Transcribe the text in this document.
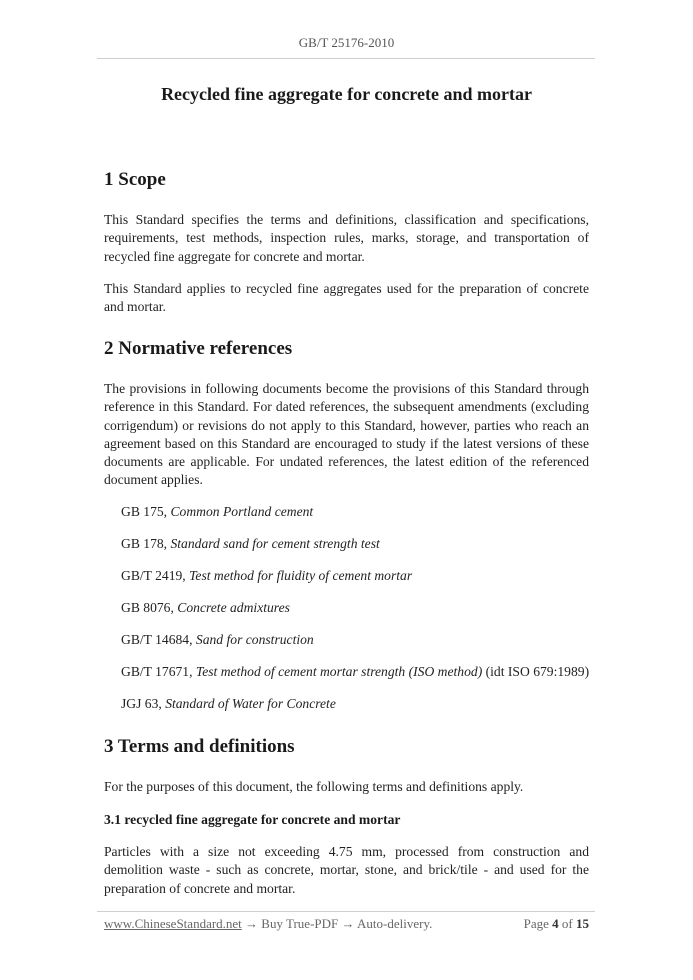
GB/T 25176-2010
Recycled fine aggregate for concrete and mortar
1 Scope
This Standard specifies the terms and definitions, classification and specifications, requirements, test methods, inspection rules, marks, storage, and transportation of recycled fine aggregate for concrete and mortar.
This Standard applies to recycled fine aggregates used for the preparation of concrete and mortar.
2 Normative references
The provisions in following documents become the provisions of this Standard through reference in this Standard. For dated references, the subsequent amendments (excluding corrigendum) or revisions do not apply to this Standard, however, parties who reach an agreement based on this Standard are encouraged to study if the latest versions of these documents are applicable. For undated references, the latest edition of the referenced document applies.
GB 175, Common Portland cement
GB 178, Standard sand for cement strength test
GB/T 2419, Test method for fluidity of cement mortar
GB 8076, Concrete admixtures
GB/T 14684, Sand for construction
GB/T 17671, Test method of cement mortar strength (ISO method) (idt ISO 679:1989)
JGJ 63, Standard of Water for Concrete
3 Terms and definitions
For the purposes of this document, the following terms and definitions apply.
3.1 recycled fine aggregate for concrete and mortar
Particles with a size not exceeding 4.75 mm, processed from construction and demolition waste - such as concrete, mortar, stone, and brick/tile - and used for the preparation of concrete and mortar.
www.ChineseStandard.net → Buy True-PDF → Auto-delivery.	Page 4 of 15
